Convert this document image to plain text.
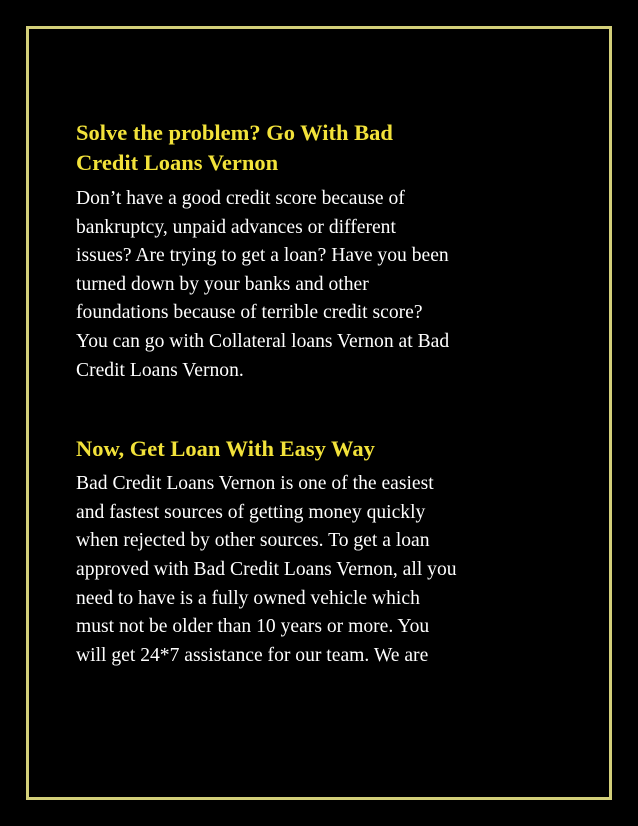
Solve the problem? Go With Bad
Credit Loans Vernon

Don’t have a good credit score because of
bankruptcy, unpaid advances or different
issues? Are trying to get a loan? Have you been
turned down by your banks and other
foundations because of terrible credit score?
You can go with Collateral loans Vernon at Bad
Credit Loans Vernon.

Now, Get Loan With Easy Way

Bad Credit Loans Vernon is one of the easiest
and fastest sources of getting money quickly
when rejected by other sources. To get a loan
approved with Bad Credit Loans Vernon, all you
need to have is a fully owned vehicle which
must not be older than 10 years or more. You
will get 24*7 assistance for our team. We are
